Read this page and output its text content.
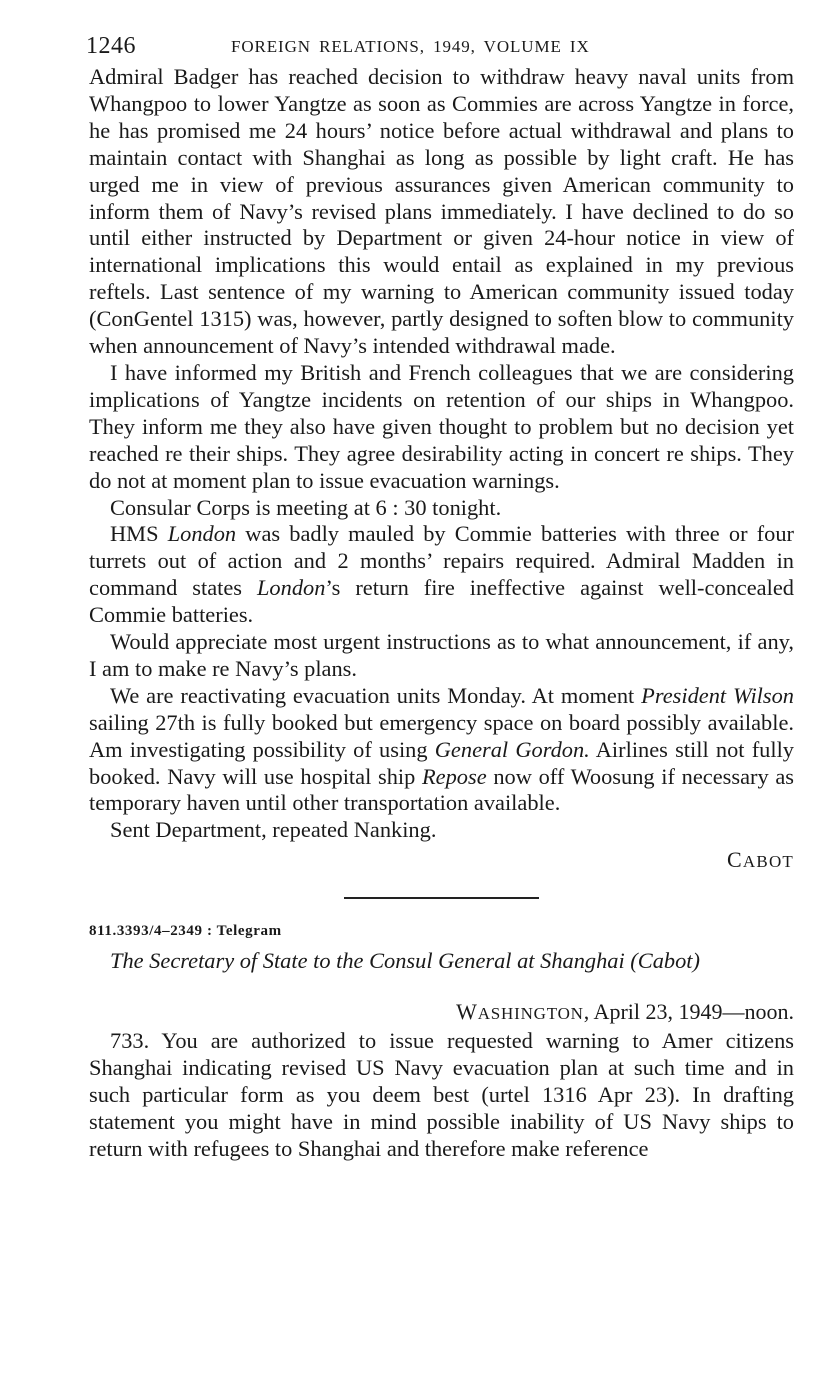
1246	FOREIGN RELATIONS, 1949, VOLUME IX

Admiral Badger has reached decision to withdraw heavy naval units from Whangpoo to lower Yangtze as soon as Commies are across Yangtze in force, he has promised me 24 hours’ notice before actual withdrawal and plans to maintain contact with Shanghai as long as possible by light craft. He has urged me in view of previous assurances given American community to inform them of Navy’s revised plans immediately. I have declined to do so until either instructed by Department or given 24-hour notice in view of international implications this would entail as explained in my previous reftels. Last sentence of my warning to American community issued today (ConGentel 1315) was, however, partly designed to soften blow to community when announcement of Navy’s intended withdrawal made.

I have informed my British and French colleagues that we are considering implications of Yangtze incidents on retention of our ships in Whangpoo. They inform me they also have given thought to problem but no decision yet reached re their ships. They agree desirability acting in concert re ships. They do not at moment plan to issue evacuation warnings.

Consular Corps is meeting at 6 : 30 tonight.

HMS London was badly mauled by Commie batteries with three or four turrets out of action and 2 months’ repairs required. Admiral Madden in command states London’s return fire ineffective against well-concealed Commie batteries.

Would appreciate most urgent instructions as to what announcement, if any, I am to make re Navy’s plans.

We are reactivating evacuation units Monday. At moment President Wilson sailing 27th is fully booked but emergency space on board possibly available. Am investigating possibility of using General Gordon. Airlines still not fully booked. Navy will use hospital ship Repose now off Woosung if necessary as temporary haven until other transportation available.

Sent Department, repeated Nanking.

CABOT

811.3393/4–2349 : Telegram

The Secretary of State to the Consul General at Shanghai (Cabot)

WASHINGTON, April 23, 1949—noon.

733. You are authorized to issue requested warning to Amer citizens Shanghai indicating revised US Navy evacuation plan at such time and in such particular form as you deem best (urtel 1316 Apr 23). In drafting statement you might have in mind possible inability of US Navy ships to return with refugees to Shanghai and therefore make reference
